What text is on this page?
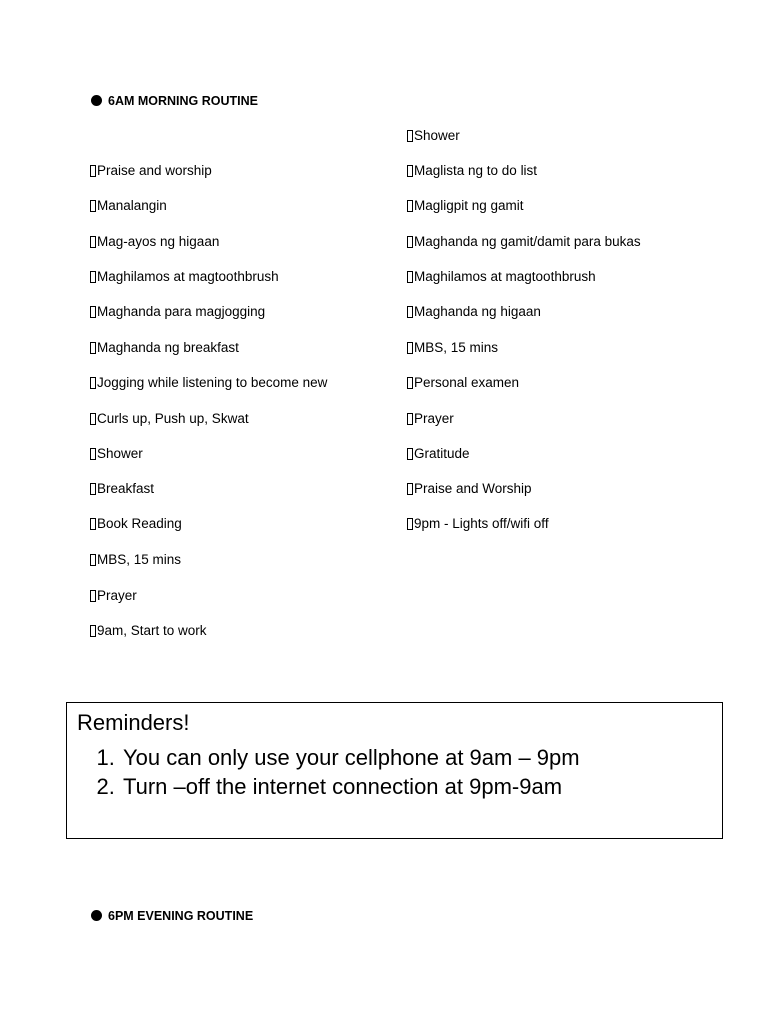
6AM MORNING ROUTINE
Praise and worship
Manalangin
Mag-ayos ng higaan
Maghilamos at magtoothbrush
Maghanda para magjogging
Maghanda ng breakfast
Jogging while listening to become new
Curls up, Push up, Skwat
Shower
Breakfast
Book Reading
MBS, 15 mins
Prayer
9am, Start to work
Shower
Maglista ng to do list
Magligpit ng gamit
Maghanda ng gamit/damit para bukas
Maghilamos at magtoothbrush
Maghanda ng higaan
MBS, 15 mins
Personal examen
Prayer
Gratitude
Praise and Worship
9pm - Lights off/wifi off
Reminders!
1. You can only use your cellphone at 9am – 9pm
2. Turn –off the internet connection at 9pm-9am
6PM EVENING ROUTINE
